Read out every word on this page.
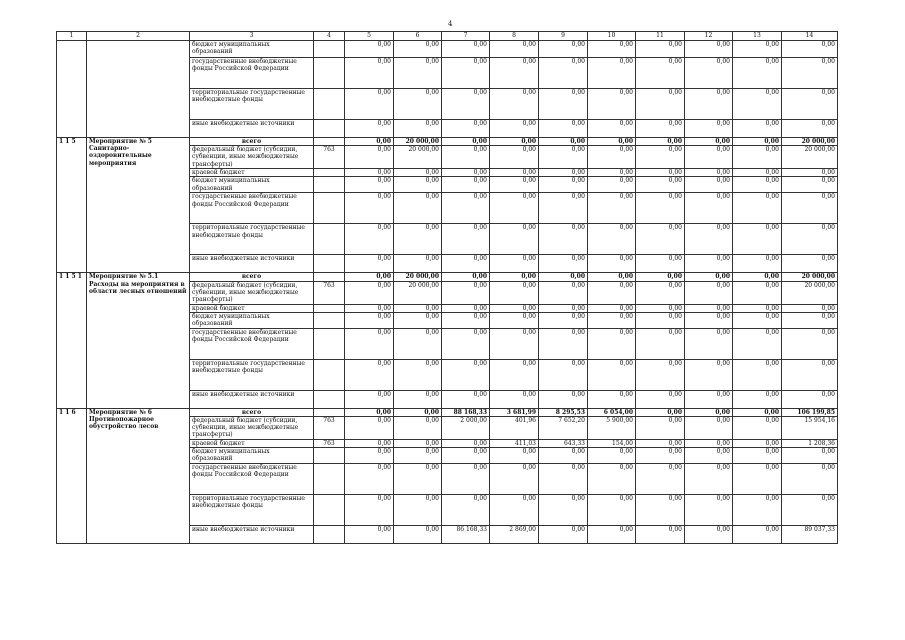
4
1	2	3	4	5	6	7	8	9	10	11	12	13	14
		бюджет муниципальных образований		0,00	0,00	0,00	0,00	0,00	0,00	0,00	0,00	0,00	0,00
		государственные внебюджетные фонды Российской Федерации		0,00	0,00	0,00	0,00	0,00	0,00	0,00	0,00	0,00	0,00
		территориальные государственные внебюджетные фонды		0,00	0,00	0,00	0,00	0,00	0,00	0,00	0,00	0,00	0,00
		иные внебюджетные источники		0,00	0,00	0,00	0,00	0,00	0,00	0,00	0,00	0,00	0,00
1 1 5	Мероприятие № 5 Санитарно-оздоровительные мероприятия	всего		0,00	20 000,00	0,00	0,00	0,00	0,00	0,00	0,00	0,00	20 000,00
		федеральный бюджет (субсидии, субвенции, иные межбюджетные трансферты)	763	0,00	20 000,00	0,00	0,00	0,00	0,00	0,00	0,00	0,00	20 000,00
		краевой бюджет		0,00	0,00	0,00	0,00	0,00	0,00	0,00	0,00	0,00	0,00
		бюджет муниципальных образований		0,00	0,00	0,00	0,00	0,00	0,00	0,00	0,00	0,00	0,00
		государственные внебюджетные фонды Российской Федерации		0,00	0,00	0,00	0,00	0,00	0,00	0,00	0,00	0,00	0,00
		территориальные государственные внебюджетные фонды		0,00	0,00	0,00	0,00	0,00	0,00	0,00	0,00	0,00	0,00
		иные внебюджетные источники		0,00	0,00	0,00	0,00	0,00	0,00	0,00	0,00	0,00	0,00
1 1 5 1	Мероприятие № 5.1 Расходы на мероприятия в области лесных отношений	всего		0,00	20 000,00	0,00	0,00	0,00	0,00	0,00	0,00	0,00	20 000,00
		федеральный бюджет (субсидии, субвенции, иные межбюджетные трансферты)	763	0,00	20 000,00	0,00	0,00	0,00	0,00	0,00	0,00	0,00	20 000,00
		краевой бюджет		0,00	0,00	0,00	0,00	0,00	0,00	0,00	0,00	0,00	0,00
		бюджет муниципальных образований		0,00	0,00	0,00	0,00	0,00	0,00	0,00	0,00	0,00	0,00
		государственные внебюджетные фонды Российской Федерации		0,00	0,00	0,00	0,00	0,00	0,00	0,00	0,00	0,00	0,00
		территориальные государственные внебюджетные фонды		0,00	0,00	0,00	0,00	0,00	0,00	0,00	0,00	0,00	0,00
		иные внебюджетные источники		0,00	0,00	0,00	0,00	0,00	0,00	0,00	0,00	0,00	0,00
1 1 6	Мероприятие № 6 Противопожарное обустройство лесов	всего		0,00	0,00	88 168,33	3 681,99	8 295,53	6 054,00	0,00	0,00	0,00	106 199,85
		федеральный бюджет (субсидии, субвенции, иные межбюджетные трансферты)	763	0,00	0,00	2 000,00	401,96	7 652,20	5 900,00	0,00	0,00	0,00	15 954,16
		краевой бюджет	763	0,00	0,00	0,00	411,03	643,33	154,00	0,00	0,00	0,00	1 208,36
		бюджет муниципальных образований		0,00	0,00	0,00	0,00	0,00	0,00	0,00	0,00	0,00	0,00
		государственные внебюджетные фонды Российской Федерации		0,00	0,00	0,00	0,00	0,00	0,00	0,00	0,00	0,00	0,00
		территориальные государственные внебюджетные фонды		0,00	0,00	0,00	0,00	0,00	0,00	0,00	0,00	0,00	0,00
		иные внебюджетные источники		0,00	0,00	86 168,33	2 869,00	0,00	0,00	0,00	0,00	0,00	89 037,33
